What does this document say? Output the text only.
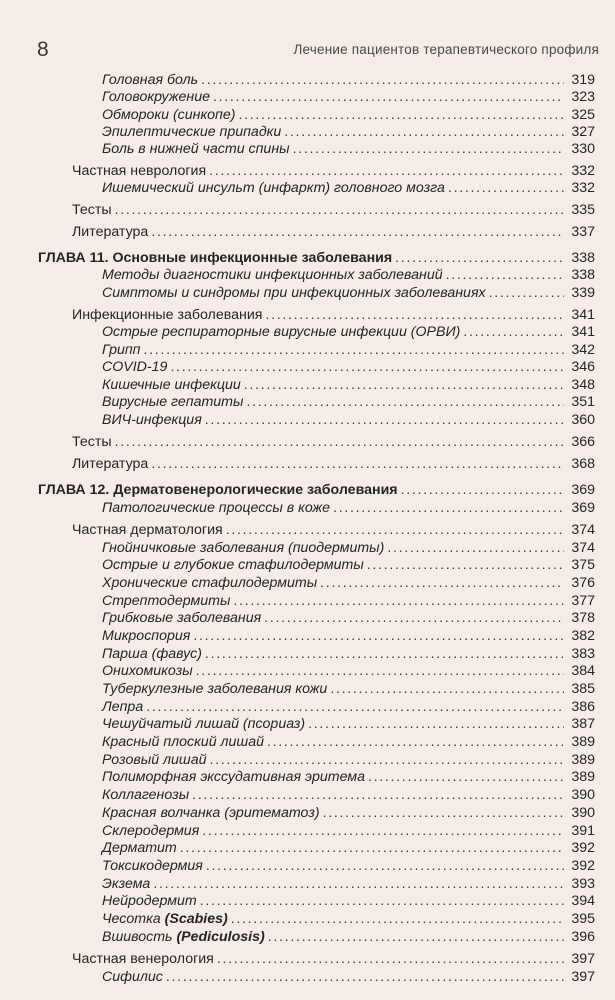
8	Лечение пациентов терапевтического профиля
Головная боль .....	319
Головокружение .....	323
Обмороки (синкопе) .....	325
Эпилептические припадки .....	327
Боль в нижней части спины .....	330
Частная неврология .....	332
Ишемический инсульт (инфаркт) головного мозга .....	332
Тесты .....	335
Литература .....	337
ГЛАВА 11. Основные инфекционные заболевания .....	338
Методы диагностики инфекционных заболеваний .....	338
Симптомы и синдромы при инфекционных заболеваниях .....	339
Инфекционные заболевания .....	341
Острые респираторные вирусные инфекции (ОРВИ) .....	341
Грипп .....	342
COVID-19 .....	346
Кишечные инфекции .....	348
Вирусные гепатиты .....	351
ВИЧ-инфекция .....	360
Тесты .....	366
Литература .....	368
ГЛАВА 12. Дерматовенерологические заболевания .....	369
Патологические процессы в коже .....	369
Частная дерматология .....	374
Гнойничковые заболевания (пиодермиты) .....	374
Острые и глубокие стафилодермиты .....	375
Хронические стафилодермиты .....	376
Стрептодермиты .....	377
Грибковые заболевания .....	378
Микроспория .....	382
Парша (фавус) .....	383
Онихомикозы .....	384
Туберкулезные заболевания кожи .....	385
Лепра .....	386
Чешуйчатый лишай (псориаз) .....	387
Красный плоский лишай .....	389
Розовый лишай .....	389
Полиморфная экссудативная эритема .....	389
Коллагенозы .....	390
Красная волчанка (эритематоз) .....	390
Склеродермия .....	391
Дерматит .....	392
Токсикодермия .....	392
Экзема .....	393
Нейродермит .....	394
Чесотка (Scabies) .....	395
Вшивость (Pediculosis) .....	396
Частная венерология .....	397
Сифилис .....	397
